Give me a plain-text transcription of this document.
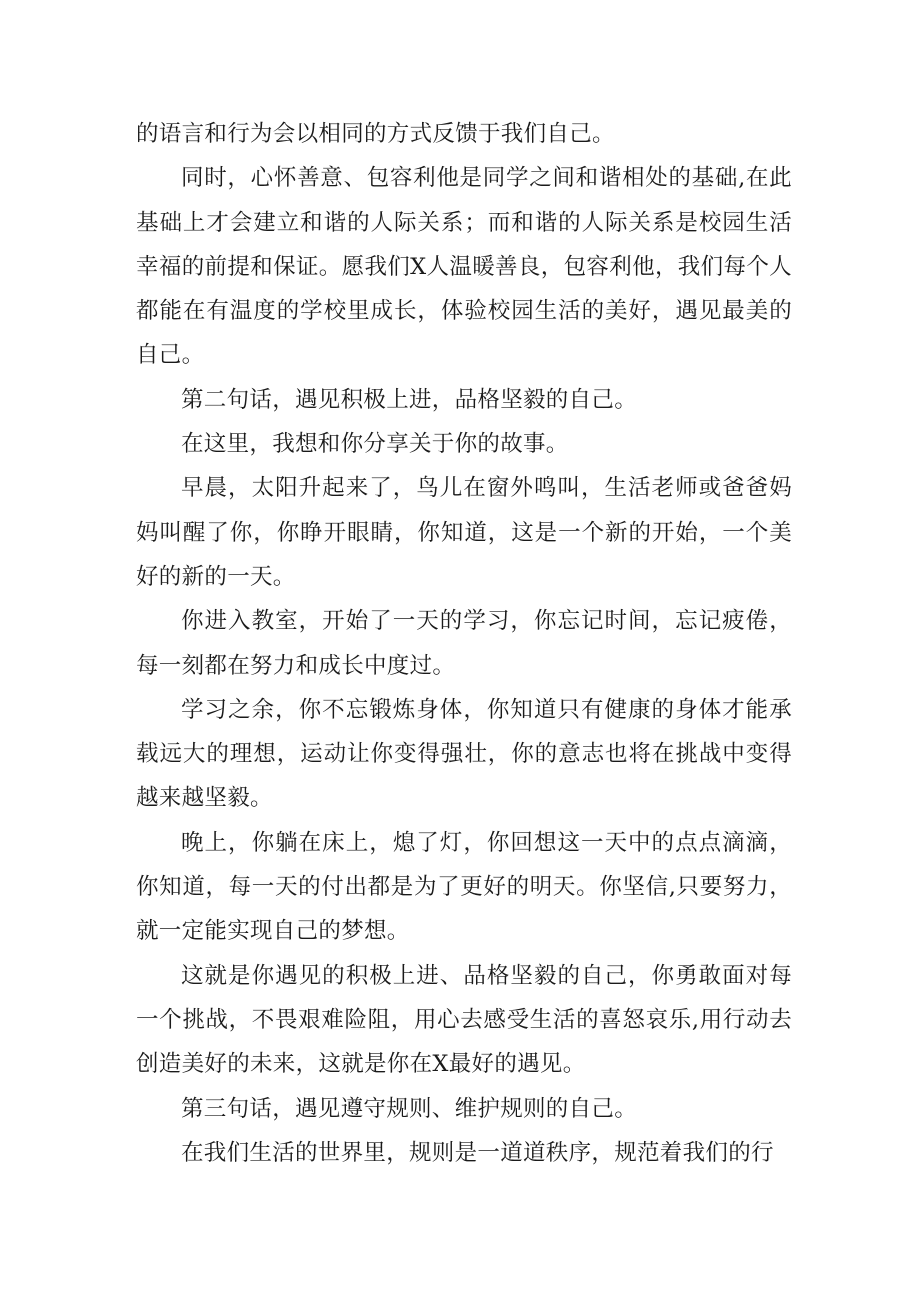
的语言和行为会以相同的方式反馈于我们自己。

同时，心怀善意、包容利他是同学之间和谐相处的基础,在此基础上才会建立和谐的人际关系；而和谐的人际关系是校园生活幸福的前提和保证。愿我们X人温暖善良，包容利他，我们每个人都能在有温度的学校里成长，体验校园生活的美好，遇见最美的自己。

第二句话，遇见积极上进，品格坚毅的自己。

在这里，我想和你分享关于你的故事。

早晨，太阳升起来了，鸟儿在窗外鸣叫，生活老师或爸爸妈妈叫醒了你，你睁开眼睛，你知道，这是一个新的开始，一个美好的新的一天。

你进入教室，开始了一天的学习，你忘记时间，忘记疲倦，每一刻都在努力和成长中度过。

学习之余，你不忘锻炼身体，你知道只有健康的身体才能承载远大的理想，运动让你变得强壮，你的意志也将在挑战中变得越来越坚毅。

晚上，你躺在床上，熄了灯，你回想这一天中的点点滴滴，你知道，每一天的付出都是为了更好的明天。你坚信,只要努力，就一定能实现自己的梦想。

这就是你遇见的积极上进、品格坚毅的自己，你勇敢面对每一个挑战，不畏艰难险阻，用心去感受生活的喜怒哀乐,用行动去创造美好的未来，这就是你在X最好的遇见。

第三句话，遇见遵守规则、维护规则的自己。

在我们生活的世界里，规则是一道道秩序，规范着我们的行
